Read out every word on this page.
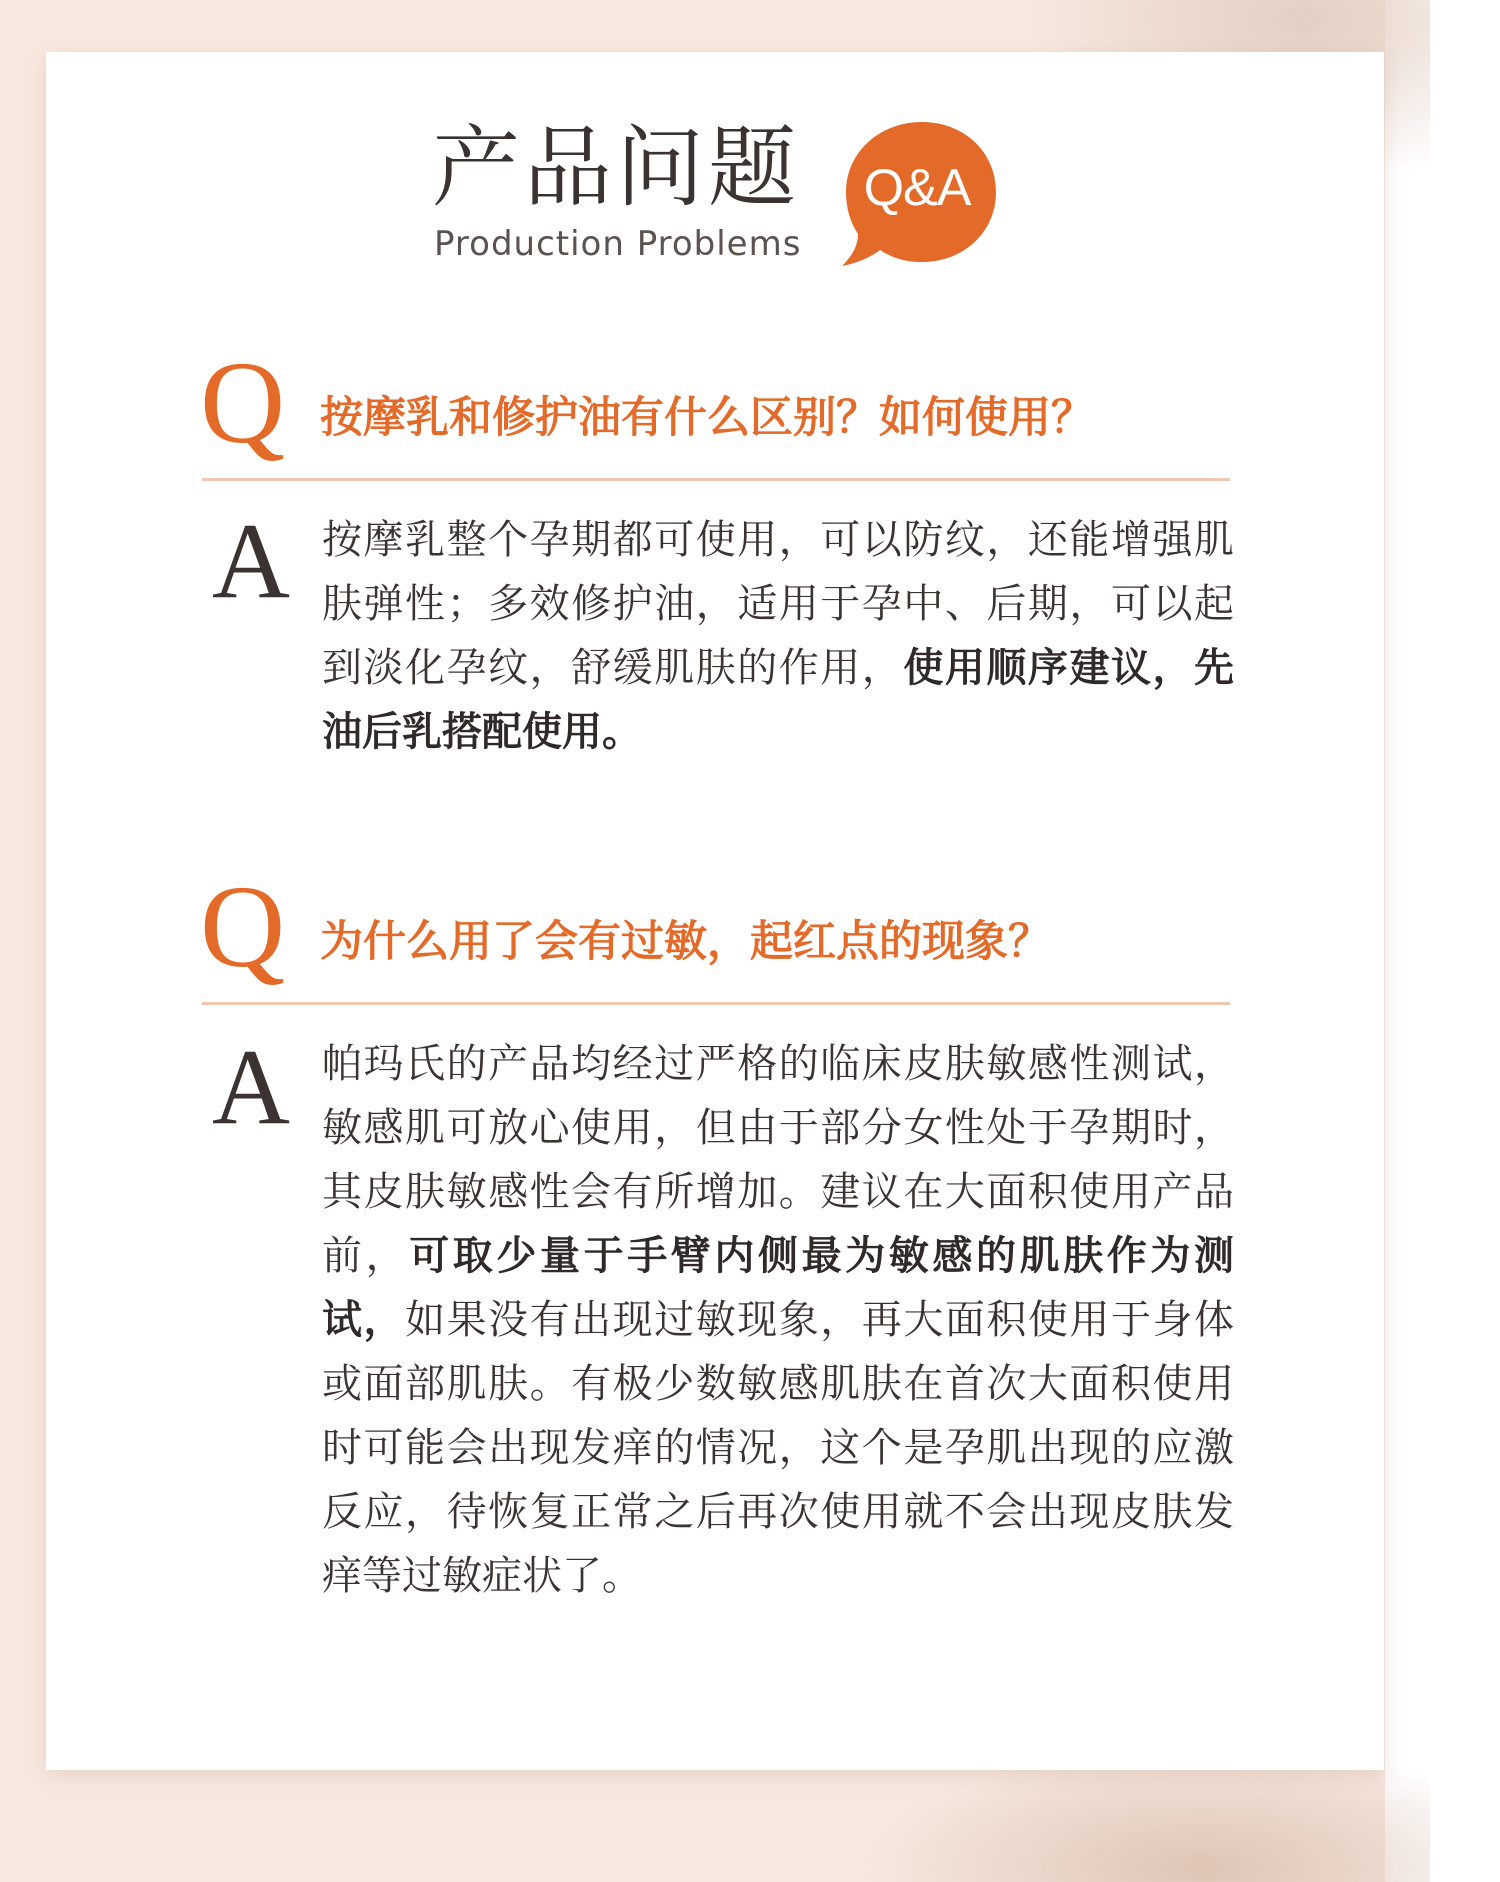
产品问题
Production Problems
Q&A
Q 按摩乳和修护油有什么区别？如何使用？
A 按摩乳整个孕期都可使用，可以防纹，还能增强肌肤弹性；多效修护油，适用于孕中、后期，可以起到淡化孕纹，舒缓肌肤的作用，使用顺序建议，先油后乳搭配使用。
Q 为什么用了会有过敏，起红点的现象？
A 帕玛氏的产品均经过严格的临床皮肤敏感性测试，敏感肌可放心使用，但由于部分女性处于孕期时，其皮肤敏感性会有所增加。建议在大面积使用产品前，可取少量于手臂内侧最为敏感的肌肤作为测试，如果没有出现过敏现象，再大面积使用于身体或面部肌肤。有极少数敏感肌肤在首次大面积使用时可能会出现发痒的情况，这个是孕肌出现的应激反应，待恢复正常之后再次使用就不会出现皮肤发痒等过敏症状了。
